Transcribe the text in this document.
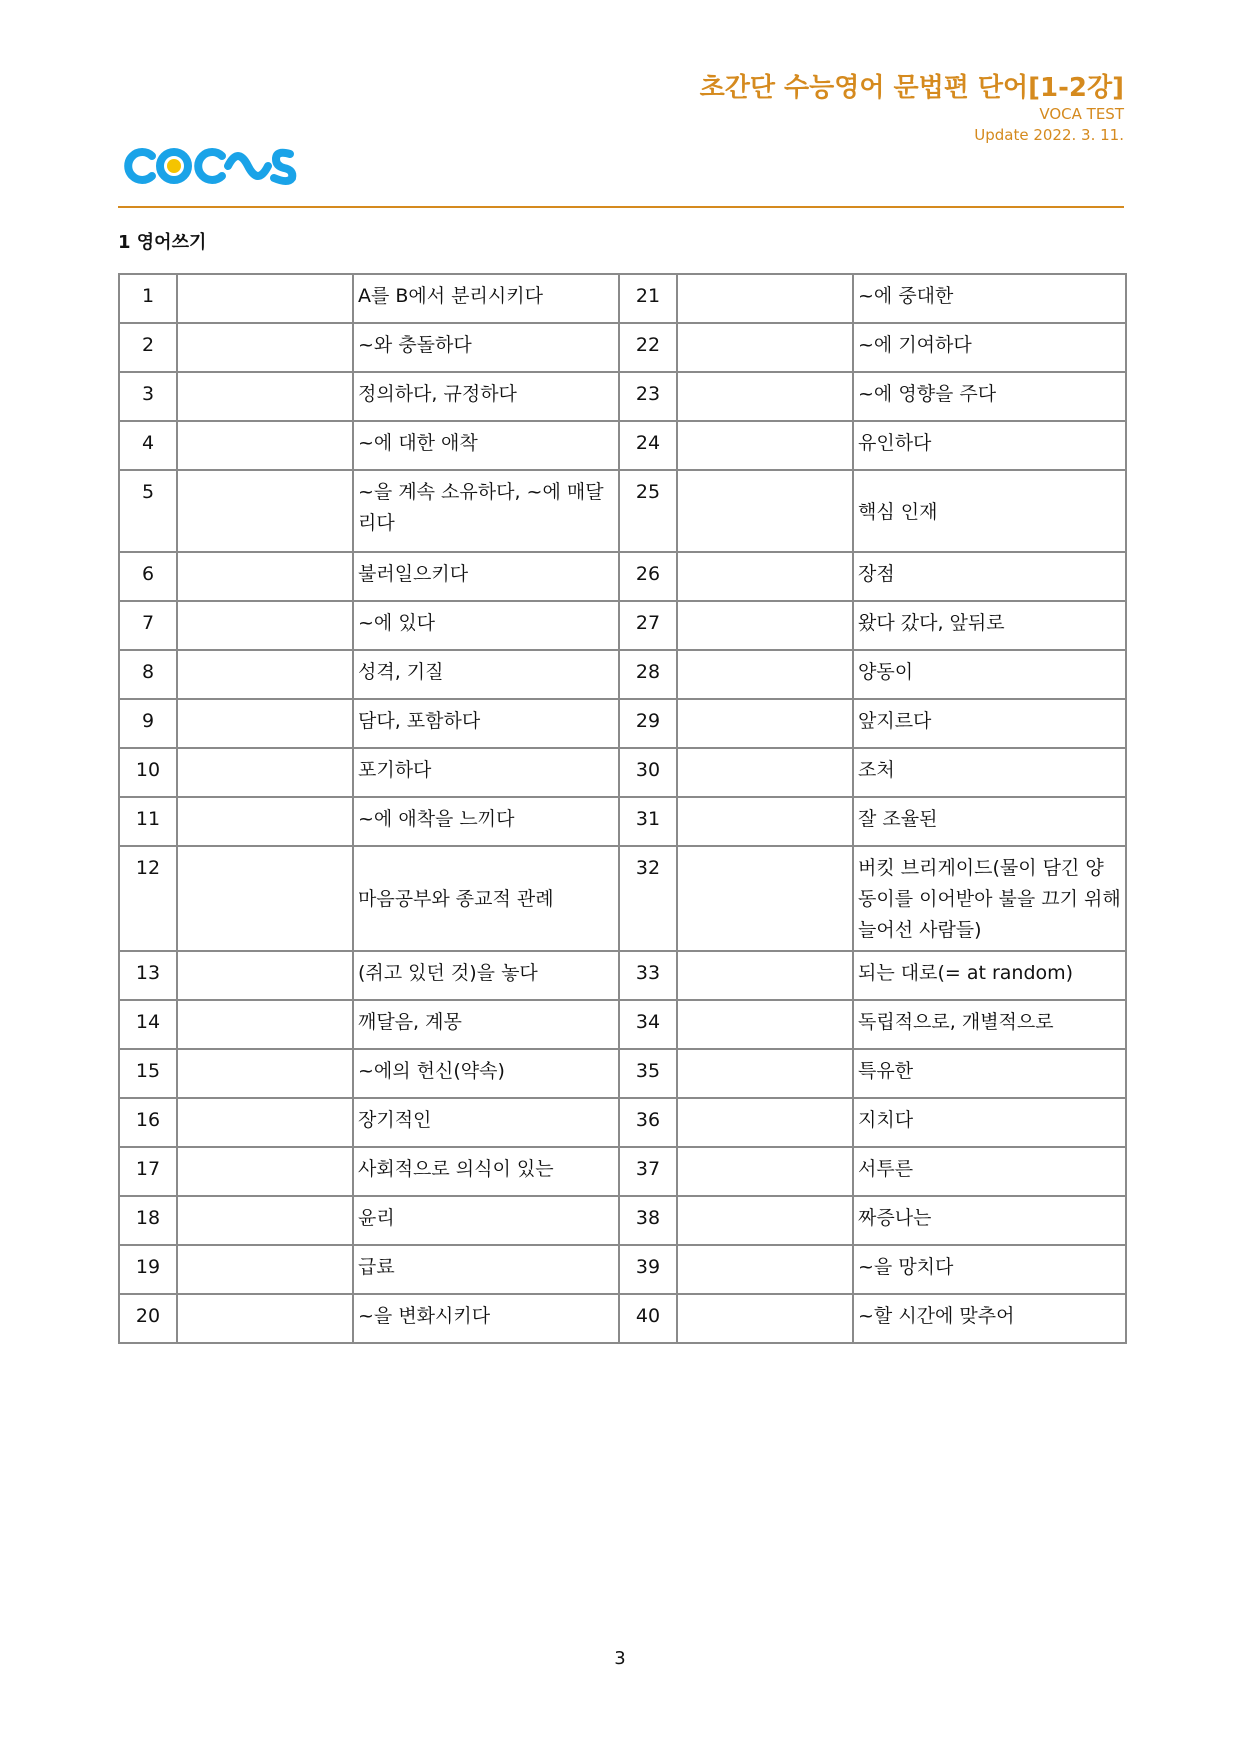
초간단 수능영어 문법편 단어[1-2강]
VOCA TEST
Update 2022. 3. 11.
cacos
1 영어쓰기
1		A를 B에서 분리시키다	21		~에 중대한
2		~와 충돌하다	22		~에 기여하다
3		정의하다, 규정하다	23		~에 영향을 주다
4		~에 대한 애착	24		유인하다
5		~을 계속 소유하다, ~에 매달리다	25		핵심 인재
6		불러일으키다	26		장점
7		~에 있다	27		왔다 갔다, 앞뒤로
8		성격, 기질	28		양동이
9		담다, 포함하다	29		앞지르다
10		포기하다	30		조처
11		~에 애착을 느끼다	31		잘 조율된
12		마음공부와 종교적 관례	32		버킷 브리게이드(물이 담긴 양동이를 이어받아 불을 끄기 위해 늘어선 사람들)
13		(쥐고 있던 것)을 놓다	33		되는 대로(= at random)
14		깨달음, 계몽	34		독립적으로, 개별적으로
15		~에의 헌신(약속)	35		특유한
16		장기적인	36		지치다
17		사회적으로 의식이 있는	37		서투른
18		윤리	38		짜증나는
19		급료	39		~을 망치다
20		~을 변화시키다	40		~할 시간에 맞추어
3
